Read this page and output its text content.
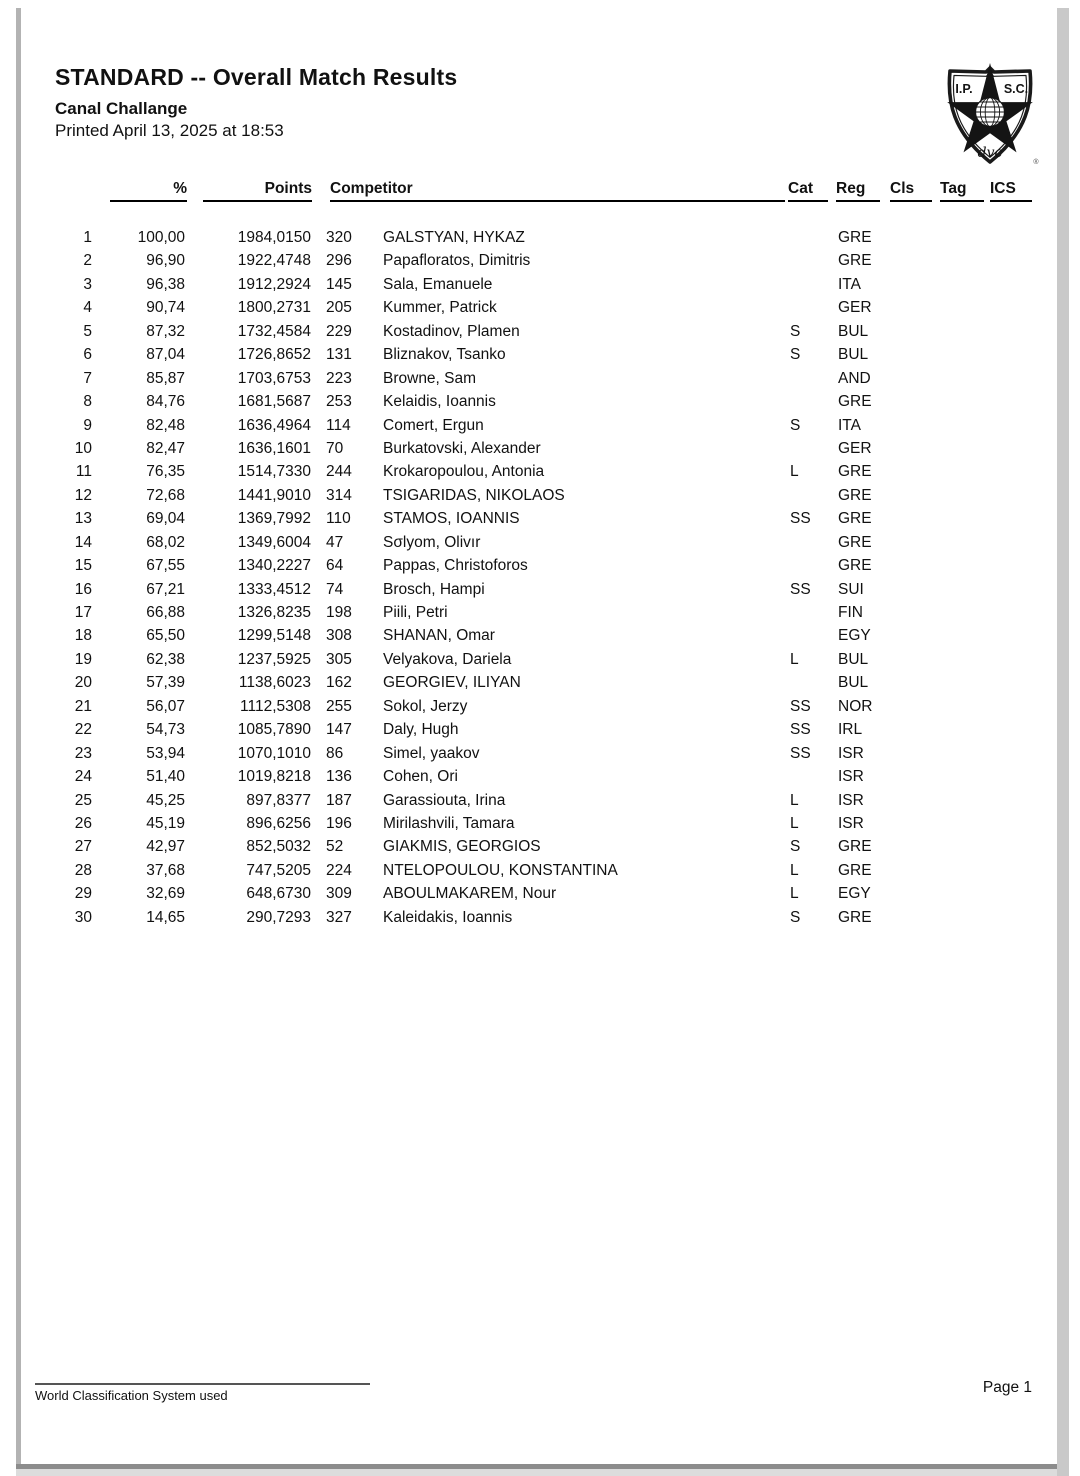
STANDARD -- Overall Match Results
Canal Challange
Printed April 13, 2025 at 18:53
I.P.	S.C.
dvc
®
%	Points Competitor	Cat	Reg	Cls	Tag	ICS
1	100,00	1984,0150 320	GALSTYAN, HYKAZ	GRE
2	96,90	1922,4748 296	Papafloratos, Dimitris	GRE
3	96,38	1912,2924 145	Sala, Emanuele	ITA
4	90,74	1800,2731 205	Kummer, Patrick	GER
5	87,32	1732,4584 229	Kostadinov, Plamen	S	BUL
6	87,04	1726,8652 131	Bliznakov, Tsanko	S	BUL
7	85,87	1703,6753 223	Browne, Sam	AND
8	84,76	1681,5687 253	Kelaidis, Ioannis	GRE
9	82,48	1636,4964 114	Comert, Ergun	S	ITA
10	82,47	1636,1601 70	Burkatovski, Alexander	GER
11	76,35	1514,7330 244	Krokaropoulou, Antonia	L	GRE
12	72,68	1441,9010 314	TSIGARIDAS, NIKOLAOS	GRE
13	69,04	1369,7992 110	STAMOS, IOANNIS	SS	GRE
14	68,02	1349,6004 47	Sσlyom, Olivır	GRE
15	67,55	1340,2227 64	Pappas, Christoforos	GRE
16	67,21	1333,4512 74	Brosch, Hampi	SS	SUI
17	66,88	1326,8235 198	Piili, Petri	FIN
18	65,50	1299,5148 308	SHANAN, Omar	EGY
19	62,38	1237,5925 305	Velyakova, Dariela	L	BUL
20	57,39	1138,6023 162	GEORGIEV, ILIYAN	BUL
21	56,07	1112,5308 255	Sokol, Jerzy	SS	NOR
22	54,73	1085,7890 147	Daly, Hugh	SS	IRL
23	53,94	1070,1010 86	Simel, yaakov	SS	ISR
24	51,40	1019,8218 136	Cohen, Ori	ISR
25	45,25	897,8377 187	Garassiouta, Irina	L	ISR
26	45,19	896,6256 196	Mirilashvili, Tamara	L	ISR
27	42,97	852,5032 52	GIAKMIS, GEORGIOS	S	GRE
28	37,68	747,5205 224	NTELOPOULOU, KONSTANTINA	L	GRE
29	32,69	648,6730 309	ABOULMAKAREM, Nour	L	EGY
30	14,65	290,7293 327	Kaleidakis, Ioannis	S	GRE
World Classification System used	Page 1
